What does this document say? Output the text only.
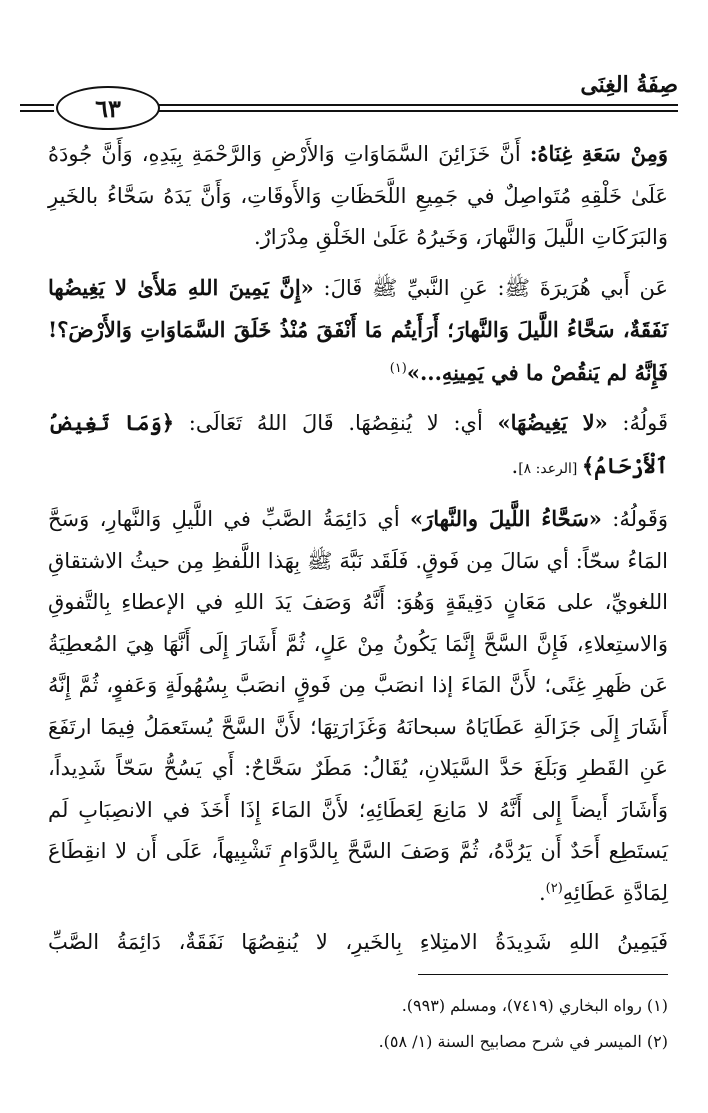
صِفَةُ الغِنَى
٦٣

وَمِنْ سَعَةِ غِنَاهُ: أَنَّ خَزَائِنَ السَّمَاوَاتِ وَالأَرْضِ وَالرَّحْمَةِ بِيَدِهِ، وَأَنَّ جُودَهُ عَلَىٰ خَلْقِهِ مُتَواصِلٌ في جَمِيعِ اللَّحَظَاتِ وَالأَوقَاتِ، وَأَنَّ يَدَهُ سَحَّاءُ بالخَيرِ وَالبَرَكَاتِ اللَّيلَ وَالنَّهارَ، وَخَيرُهُ عَلَىٰ الخَلْقِ مِدْرَارٌ.

عَن أَبي هُرَيرَةَ ﷺ: عَنِ النَّبيِّ ﷺ قَالَ: «إِنَّ يَمِينَ اللهِ مَلأَىٰ لا يَغِيضُها نَفَقَةٌ، سَحَّاءُ اللَّيلَ وَالنَّهارَ؛ أَرَأَيتُم مَا أَنْفَقَ مُنْذُ خَلَقَ السَّمَاوَاتِ وَالأَرْضَ؟! فَإِنَّهُ لم يَنقُصْ ما في يَمِينِهِ...»$^{(١)}$

قَولُهُ: «لا يَغِيضُهَا» أي: لا يُنقِصُهَا. قَالَ اللهُ تَعَالَى: ﴿وَمَا تَغِيضُ ٱلْأَرْحَامُ﴾ [الرعد: ٨].

وَقَولُهُ: «سَحَّاءُ اللَّيلَ والنَّهارَ» أي دَائِمَةُ الصَّبِّ في اللَّيلِ وَالنَّهارِ، وَسَحَّ المَاءُ سحّاً: أي سَالَ مِن فَوقٍ. فَلَقَد نَبَّهَ ﷺ بِهَذا اللَّفظِ مِن حيثُ الاشتقاقِ اللغويِّ، على مَعَانٍ دَقِيقَةٍ وَهُوَ: أَنَّهُ وَصَفَ يَدَ اللهِ في الإعطاءِ بِالتَّفوقِ وَالاستِعلاءِ، فَإِنَّ السَّحَّ إِنَّمَا يَكُونُ مِنْ عَلٍ، ثُمَّ أَشَارَ إِلَى أَنَّهَا هِيَ المُعطِيَةُ عَن ظَهرِ غِنًى؛ لأَنَّ المَاءَ إذا انصَبَّ مِن فَوقٍ انصَبَّ بِسُهُولَةٍ وَعَفوٍ، ثُمَّ إِنَّهُ أَشَارَ إِلَى جَزَالَةِ عَطَايَاهُ سبحانَهُ وَغَزَارَتِهَا؛ لأَنَّ السَّحَّ يُستَعمَلُ فِيمَا ارتَفَعَ عَنِ القَطرِ وَبَلَغَ حَدَّ السَّيَلانِ، يُقَالُ: مَطَرٌ سَحَّاحٌ: أَي يَسُحُّ سَحّاً شَدِيداً، وَأَشَارَ أَيضاً إِلى أَنَّهُ لا مَانِعَ لِعَطَائِهِ؛ لأَنَّ المَاءَ إِذَا أَخَذَ في الانصِبَابِ لَم يَستَطِع أَحَدٌ أَن يَرُدَّهُ، ثُمَّ وَصَفَ السَّحَّ بِالدَّوَامِ تَشْبِيهاً، عَلَى أَن لا انقِطَاعَ لِمَادَّةِ عَطَائِهِ$^{(٢)}$.

فَيَمِينُ اللهِ شَدِيدَةُ الامتِلاءِ بِالخَيرِ، لا يُنقِصُهَا نَفَقَةٌ، دَائِمَةُ الصَّبِّ

(١) رواه البخاري (٧٤١٩)، ومسلم (٩٩٣).

(٢) الميسر في شرح مصابيح السنة (١/ ٥٨).
